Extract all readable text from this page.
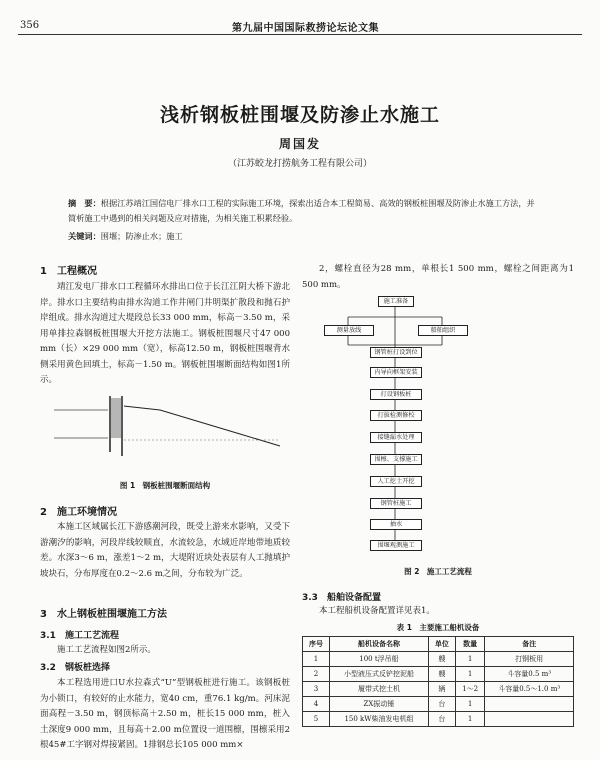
356	第九届中国国际救捞论坛论文集
浅析钢板桩围堰及防渗止水施工
周国发
（江苏蛟龙打捞航务工程有限公司）
摘　要：根据江苏靖江国信电厂排水口工程的实际施工环境，探索出适合本工程简易、高效的钢板桩围堰及防渗止水施工方法，并简析施工中遇到的相关问题及应对措施，为相关施工积累经验。
关键词：围堰；防渗止水；施工
1　工程概况
靖江发电厂排水口工程循环水排出口位于长江江阴大桥下游北岸。排水口主要结构由排水沟道工作井闸门井明渠扩散段和抛石护岸组成。排水沟道过大堤段总长33 000 mm，标高－3.50 m，采用单排拉森钢板桩围堰大开挖方法施工。钢板桩围堰尺寸47 000 mm（长）×29 000 mm（宽），标高12.50 m，钢板桩围堰背水侧采用黄色回填土，标高－1.50 m。钢板桩围堰断面结构如图1所示。
图 1　钢板桩围堰断面结构
2　施工环境情况
本施工区域属长江下游感潮河段，既受上游来水影响，又受下游潮汐的影响，河段岸线较顺直，水流较急，水域近岸地带地质较差。水深3～6 m，涨差1～2 m，大堤附近块处表层有人工抛填护坡块石，分布厚度在0.2～2.6 m之间，分布较为广泛。
3　水上钢板桩围堰施工方法
3.1　施工工艺流程
施工工艺流程如图2所示。
3.2　钢板桩选择
本工程选用进口U水拉森式“U”型钢板桩进行施工。该钢板桩为小锁口，有较好的止水能力，宽40 cm，重76.1 kg/m。河床泥面高程－3.50 m，钢顶标高＋2.50 m，桩长15 000 mm，桩入土深度9 000 mm，且每高＋2.00 m位置设一道围檩，围檩采用2根45#工字钢对焊接紧固。1排钢总长105 000 mm×
2，螺栓直径为28 mm，单根长1 500 mm，螺栓之间距离为1 500 mm。
施工准备
测量放线	船舶组织
钢管桩打设到位
内导向框架安装
打设钢板桩
打拔检测修校
接缝漏水处理
围檩、支撑施工
人工挖土开挖
钢管桩施工
抽水
围堰观测施工
图 2　施工工艺流程
3.3　船舶设备配置
本工程船机设备配置详见表1。
表 1　主要施工船机设备
序号	船机设备名称	单位	数量	备注
1	100 t浮吊船	艘	1	打钢板用
2	小型液压式反铲挖泥船	艘	1	斗容量0.5 m³
3	履带式挖土机	辆	1～2	斗容量0.5～1.0 m³
4	ZX振动锤	台	1	
5	150 kW柴油发电机组	台	1	
